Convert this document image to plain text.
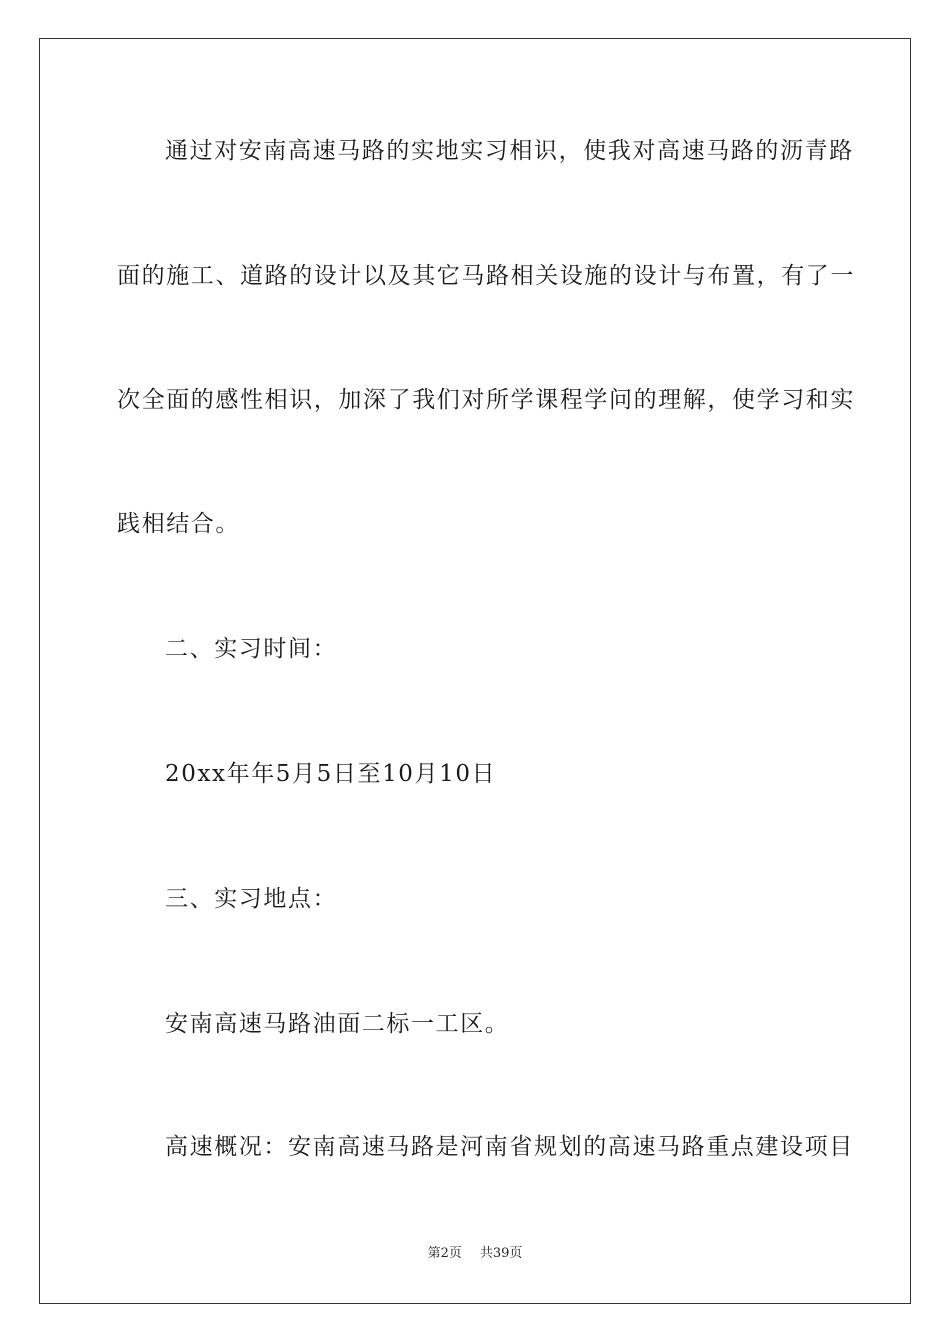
通过对安南高速马路的实地实习相识，使我对高速马路的沥青路
面的施工、道路的设计以及其它马路相关设施的设计与布置，有了一
次全面的感性相识，加深了我们对所学课程学问的理解，使学习和实
践相结合。
二、实习时间：
20xx年年5月5日至10月10日
三、实习地点：
安南高速马路油面二标一工区。
高速概况：安南高速马路是河南省规划的高速马路重点建设项目
第2页 共39页
